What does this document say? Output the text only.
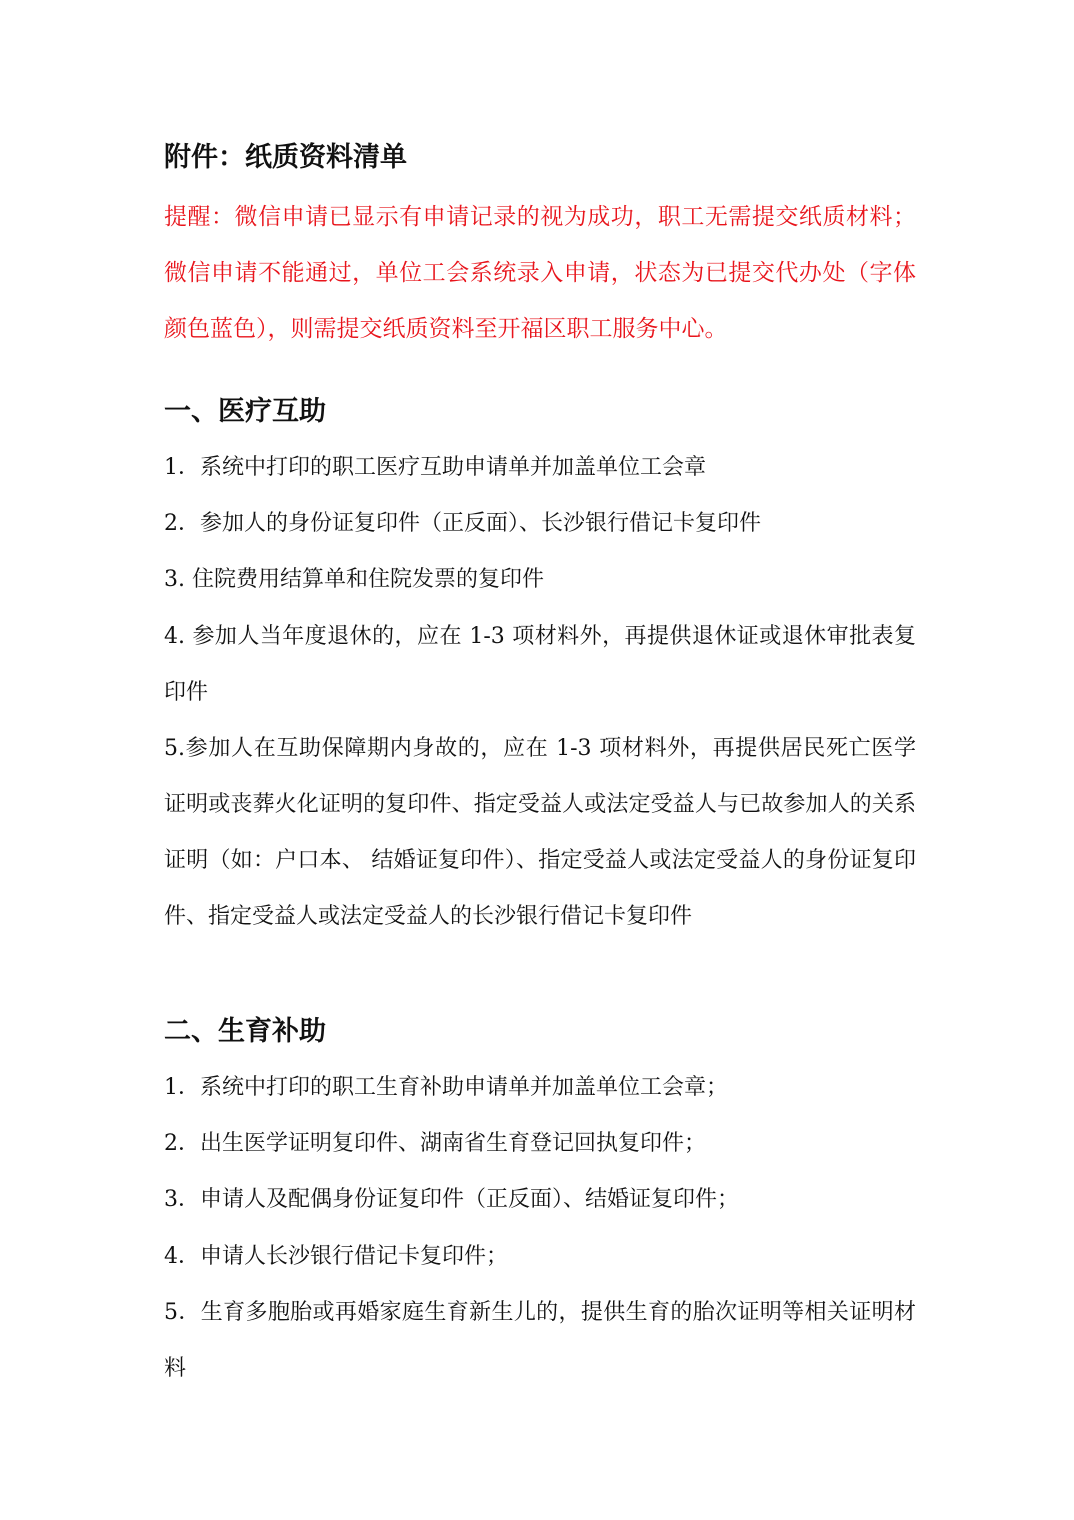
附件：纸质资料清单
提醒：微信申请已显示有申请记录的视为成功，职工无需提交纸质材料；微信申请不能通过，单位工会系统录入申请，状态为已提交代办处（字体颜色蓝色），则需提交纸质资料至开福区职工服务中心。
一、医疗互助
1．系统中打印的职工医疗互助申请单并加盖单位工会章
2．参加人的身份证复印件（正反面）、长沙银行借记卡复印件
3. 住院费用结算单和住院发票的复印件
4. 参加人当年度退休的，应在 1-3 项材料外，再提供退休证或退休审批表复印件
5.参加人在互助保障期内身故的，应在 1-3 项材料外，再提供居民死亡医学证明或丧葬火化证明的复印件、指定受益人或法定受益人与已故参加人的关系证明（如：户口本、 结婚证复印件）、指定受益人或法定受益人的身份证复印件、指定受益人或法定受益人的长沙银行借记卡复印件
二、生育补助
1．系统中打印的职工生育补助申请单并加盖单位工会章；
2．出生医学证明复印件、湖南省生育登记回执复印件；
3．申请人及配偶身份证复印件（正反面）、结婚证复印件；
4．申请人长沙银行借记卡复印件；
5．生育多胞胎或再婚家庭生育新生儿的，提供生育的胎次证明等相关证明材料
